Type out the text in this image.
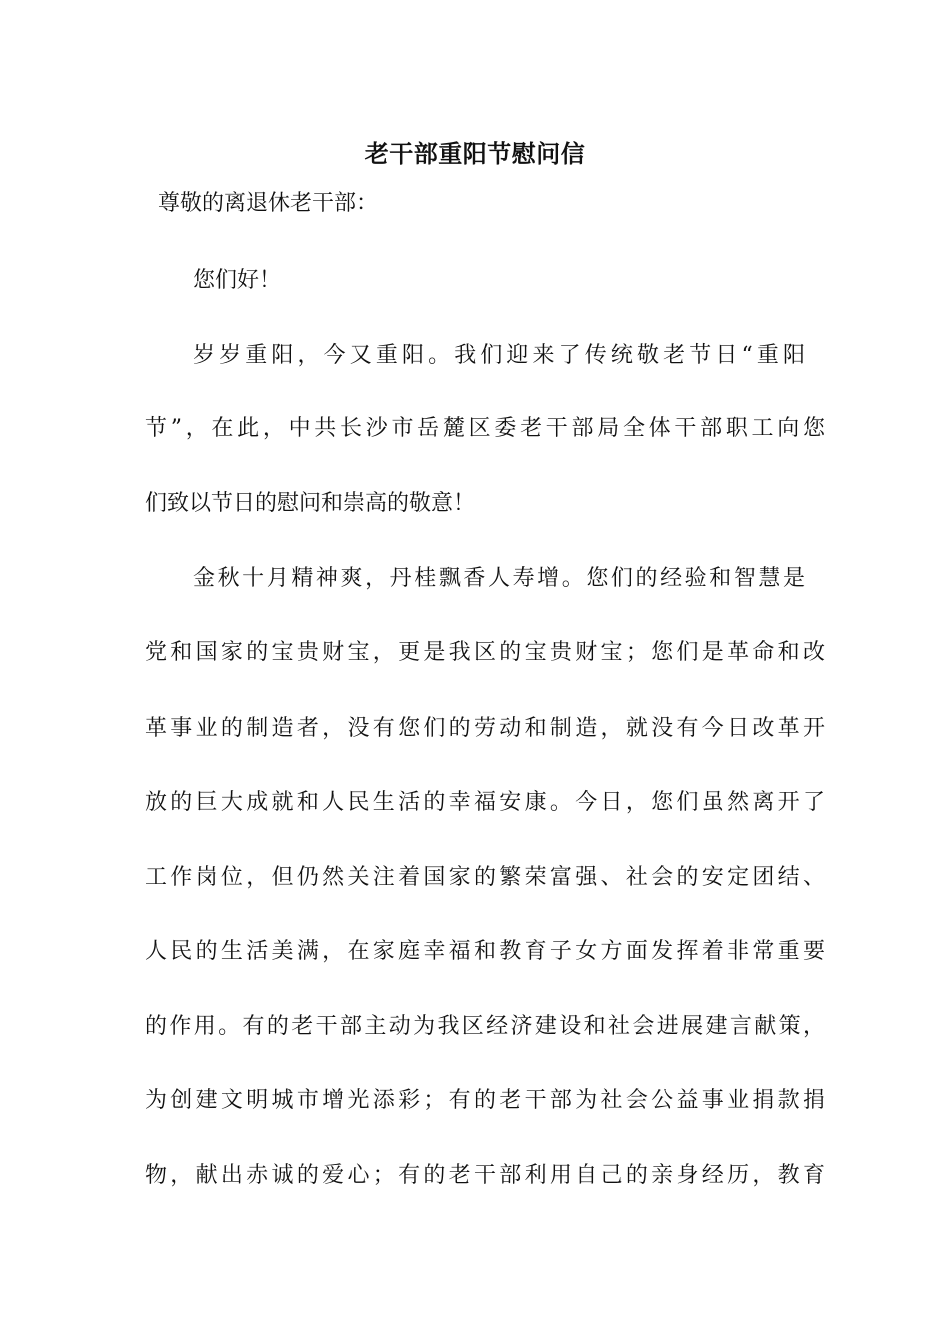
老干部重阳节慰问信
尊敬的离退休老干部：
您们好！
岁岁重阳，今又重阳。我们迎来了传统敬老节日“重阳
节”，在此，中共长沙市岳麓区委老干部局全体干部职工向您
们致以节日的慰问和崇高的敬意！
金秋十月精神爽，丹桂飘香人寿增。您们的经验和智慧是
党和国家的宝贵财宝，更是我区的宝贵财宝；您们是革命和改
革事业的制造者，没有您们的劳动和制造，就没有今日改革开
放的巨大成就和人民生活的幸福安康。今日，您们虽然离开了
工作岗位，但仍然关注着国家的繁荣富强、社会的安定团结、
人民的生活美满，在家庭幸福和教育子女方面发挥着非常重要
的作用。有的老干部主动为我区经济建设和社会进展建言献策，
为创建文明城市增光添彩；有的老干部为社会公益事业捐款捐
物，献出赤诚的爱心；有的老干部利用自己的亲身经历，教育
